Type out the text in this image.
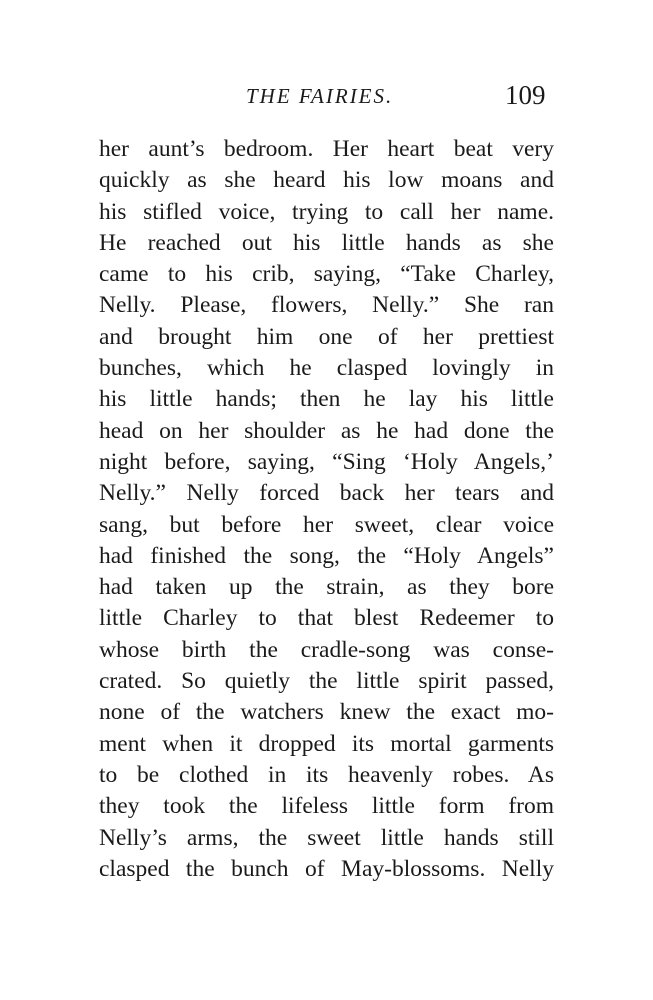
THE FAIRIES.	109
her aunt’s bedroom. Her heart beat very
quickly as she heard his low moans and
his stifled voice, trying to call her name.
He reached out his little hands as she
came to his crib, saying, “Take Charley,
Nelly. Please, flowers, Nelly.” She ran
and brought him one of her prettiest
bunches, which he clasped lovingly in
his little hands; then he lay his little
head on her shoulder as he had done the
night before, saying, “Sing ‘Holy Angels,’
Nelly.” Nelly forced back her tears and
sang, but before her sweet, clear voice
had finished the song, the “Holy Angels”
had taken up the strain, as they bore
little Charley to that blest Redeemer to
whose birth the cradle-song was conse-
crated. So quietly the little spirit passed,
none of the watchers knew the exact mo-
ment when it dropped its mortal garments
to be clothed in its heavenly robes. As
they took the lifeless little form from
Nelly’s arms, the sweet little hands still
clasped the bunch of May-blossoms. Nelly
